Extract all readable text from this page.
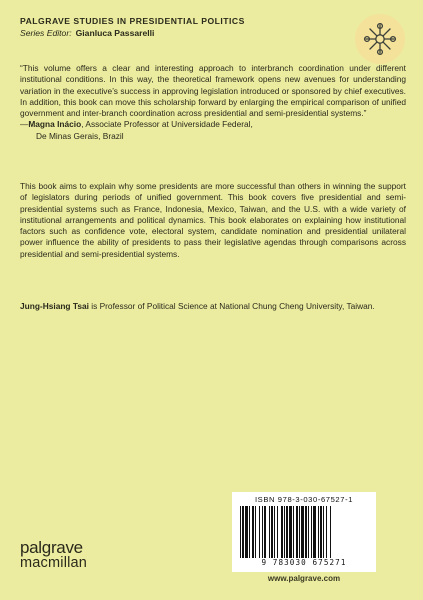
PALGRAVE STUDIES IN PRESIDENTIAL POLITICS
Series Editor: Gianluca Passarelli

“This volume offers a clear and interesting approach to interbranch coordination under different institutional conditions. In this way, the theoretical framework opens new avenues for understanding variation in the executive’s success in approving legislation introduced or sponsored by chief executives. In addition, this book can move this scholarship forward by enlarging the empirical comparison of unified government and inter-branch coordination across presidential and semi-presidential systems.”

—Magna Inácio, Associate Professor at Universidade Federal,
De Minas Gerais, Brazil

This book aims to explain why some presidents are more successful than others in winning the support of legislators during periods of unified government. This book covers five presidential and semi-presidential systems such as France, Indonesia, Mexico, Taiwan, and the U.S. with a wide variety of institutional arrangements and political dynamics. This book elaborates on explaining how institutional factors such as confidence vote, electoral system, candidate nomination and presidential unilateral power influence the ability of presidents to pass their legislative agendas through comparisons across presidential and semi-presidential systems.

Jung-Hsiang Tsai is Professor of Political Science at National Chung Cheng University, Taiwan.

palgrave
macmillan
ISBN 978-3-030-67527-1
9 783030 675271
www.palgrave.com
